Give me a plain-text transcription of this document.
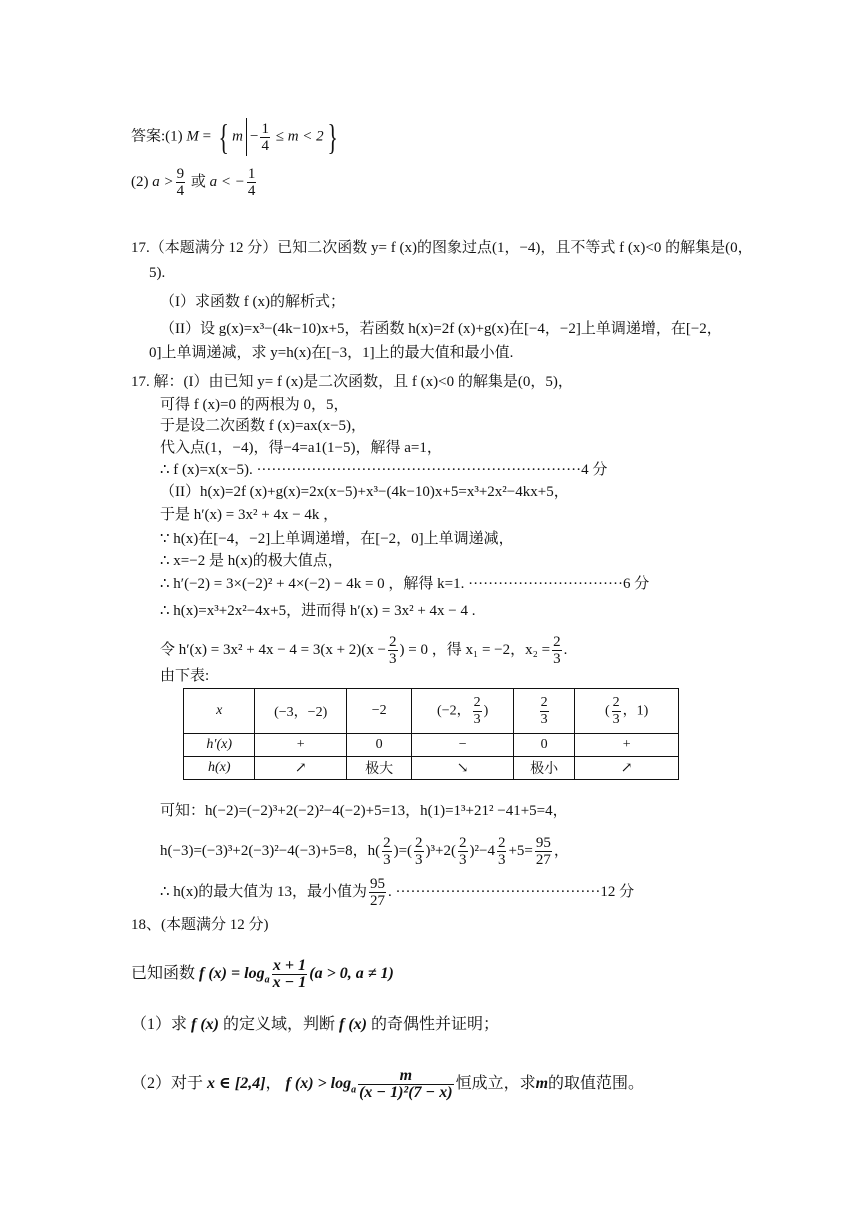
答案:(1) M = { $m - \frac{1}{4} \le m < 2$}
(2) $a > \frac{9}{4}$ 或 a < − $\frac{1}{4}$
17.（本题满分 12 分）已知二次函数 y= f (x)的图象过点(1，−4)，且不等式 f (x)<0 的解集是(0，
5).
（I）求函数 f (x)的解析式；
（II）设 g(x)=x³−(4k−10)x+5，若函数 h(x)=2f (x)+g(x)在[−4，−2]上单调递增，在[−2，
0]上单调递减，求 y=h(x)在[−3，1]上的最大值和最小值.
17. 解：(I）由已知 y= f (x)是二次函数，且 f (x)<0 的解集是(0，5)，
可得 f (x)=0 的两根为 0，5，
于是设二次函数 f (x)=ax(x−5)，
代入点(1，−4)，得−4=a1(1−5)，解得 a=1，
∴ f (x)=x(x−5). ·································································4 分
（II）h(x)=2f (x)+g(x)=2x(x−5)+x³−(4k−10)x+5=x³+2x²−4kx+5，
于是 h′(x) = 3x² + 4x − 4k ，
∵ h(x)在[−4，−2]上单调递增，在[−2，0]上单调递减，
∴ x=−2 是 h(x)的极大值点，
∴ h′(−2) = 3×(−2)² + 4×(−2) − 4k = 0 ，解得 k=1. ·······························6 分
∴ h(x)=x³+2x²−4x+5，进而得 h′(x) = 3x² + 4x − 4 .
令 $h'(x) = 3x^2 + 4x - 4 = 3(x + 2)(x - \frac{2}{3}$ ) = 0 ，得 x₁ = −2，$x_2 = \frac{2}{3}$ .
由下表:
x	(−3，−2)	−2	(−2， $\frac{2}{3}$ )	$\frac{2}{3}$	( $\frac{2}{3}$ ，1)
h′(x)	+	0	−	0	+
h(x)	↗	极大	↘	极小	↗
可知：h(−2)=(−2)³+2(−2)²−4(−2)+5=13，h(1)=1³+21² −41+5=4，
h(−3)=(−3)³+2(−3)²−4(−3)+5=8，$h( \frac{2}{3}$ )=( $\frac{2}{3} )^3+2( \frac{2}{3} )^2-4 \frac{2}{3} +5= \frac{95}{27}$ ，
∴ h(x)的最大值为 13，最小值为 $\frac{95}{27}$ . ·········································12 分
18、(本题满分 12 分)
已知函数 f $(x) = \log_a \frac{x + 1}{x - 1} (a > 0$, a ≠ 1)
（1）求 f (x) 的定义域，判断 f (x) 的奇偶性并证明；
（2）对于 x ∈ [2,4]， f $(x) > \log_a \frac{m}{\text{(x − 1)²(7 − x)}}$ 恒成立，求m的取值范围。
